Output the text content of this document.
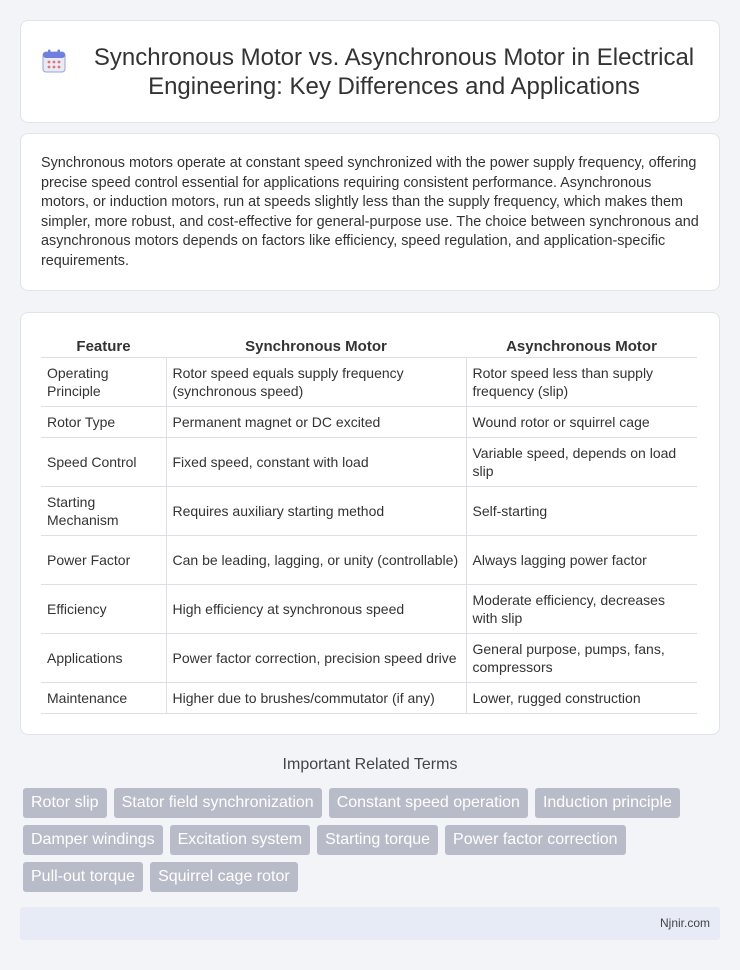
Synchronous Motor vs. Asynchronous Motor in Electrical Engineering: Key Differences and Applications

Synchronous motors operate at constant speed synchronized with the power supply frequency, offering precise speed control essential for applications requiring consistent performance. Asynchronous motors, or induction motors, run at speeds slightly less than the supply frequency, which makes them simpler, more robust, and cost-effective for general-purpose use. The choice between synchronous and asynchronous motors depends on factors like efficiency, speed regulation, and application-specific requirements.

Feature	Synchronous Motor	Asynchronous Motor
Operating Principle	Rotor speed equals supply frequency (synchronous speed)	Rotor speed less than supply frequency (slip)
Rotor Type	Permanent magnet or DC excited	Wound rotor or squirrel cage
Speed Control	Fixed speed, constant with load	Variable speed, depends on load slip
Starting Mechanism	Requires auxiliary starting method	Self-starting
Power Factor	Can be leading, lagging, or unity (controllable)	Always lagging power factor
Efficiency	High efficiency at synchronous speed	Moderate efficiency, decreases with slip
Applications	Power factor correction, precision speed drive	General purpose, pumps, fans, compressors
Maintenance	Higher due to brushes/commutator (if any)	Lower, rugged construction
Important Related Terms
Rotor slip	Stator field synchronization	Constant speed operation	Induction principle
Damper windings	Excitation system	Starting torque	Power factor correction
Pull-out torque	Squirrel cage rotor
Njnir.com
